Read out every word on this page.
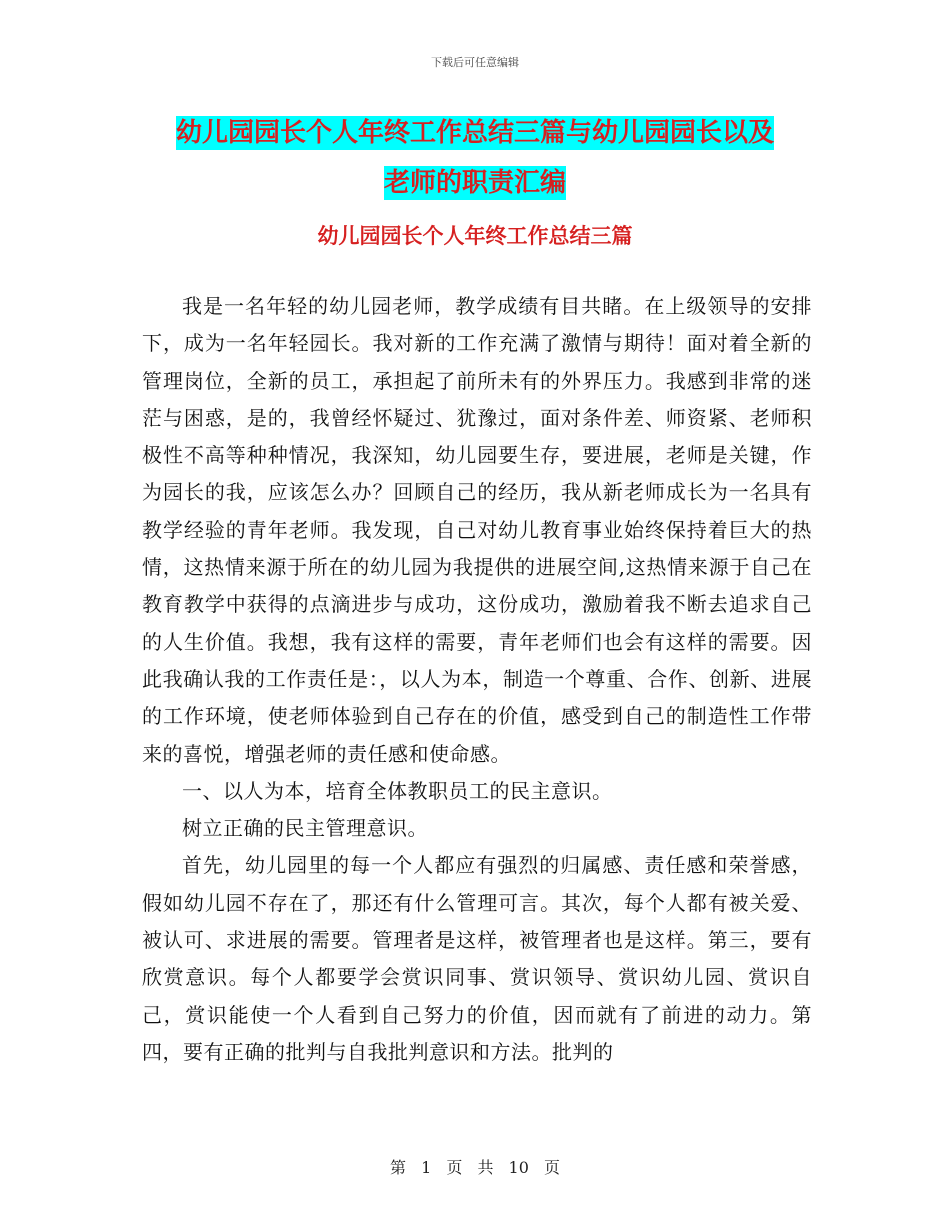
下载后可任意编辑
幼儿园园长个人年终工作总结三篇与幼儿园园长以及
老师的职责汇编
幼儿园园长个人年终工作总结三篇

我是一名年轻的幼儿园老师，教学成绩有目共睹。在上级领导的安排下，成为一名年轻园长。我对新的工作充满了激情与期待！面对着全新的管理岗位，全新的员工，承担起了前所未有的外界压力。我感到非常的迷茫与困惑，是的，我曾经怀疑过、犹豫过，面对条件差、师资紧、老师积极性不高等种种情况，我深知，幼儿园要生存，要进展，老师是关键，作为园长的我，应该怎么办？回顾自己的经历，我从新老师成长为一名具有教学经验的青年老师。我发现，自己对幼儿教育事业始终保持着巨大的热情，这热情来源于所在的幼儿园为我提供的进展空间,这热情来源于自己在教育教学中获得的点滴进步与成功，这份成功，激励着我不断去追求自己的人生价值。我想，我有这样的需要，青年老师们也会有这样的需要。因此我确认我的工作责任是：，以人为本，制造一个尊重、合作、创新、进展的工作环境，使老师体验到自己存在的价值，感受到自己的制造性工作带来的喜悦，增强老师的责任感和使命感。

一、以人为本，培育全体教职员工的民主意识。

树立正确的民主管理意识。

首先，幼儿园里的每一个人都应有强烈的归属感、责任感和荣誉感，假如幼儿园不存在了，那还有什么管理可言。其次，每个人都有被关爱、被认可、求进展的需要。管理者是这样，被管理者也是这样。第三，要有欣赏意识。每个人都要学会赏识同事、赏识领导、赏识幼儿园、赏识自己，赏识能使一个人看到自己努力的价值，因而就有了前进的动力。第四，要有正确的批判与自我批判意识和方法。批判的

第 1 页 共 10 页
